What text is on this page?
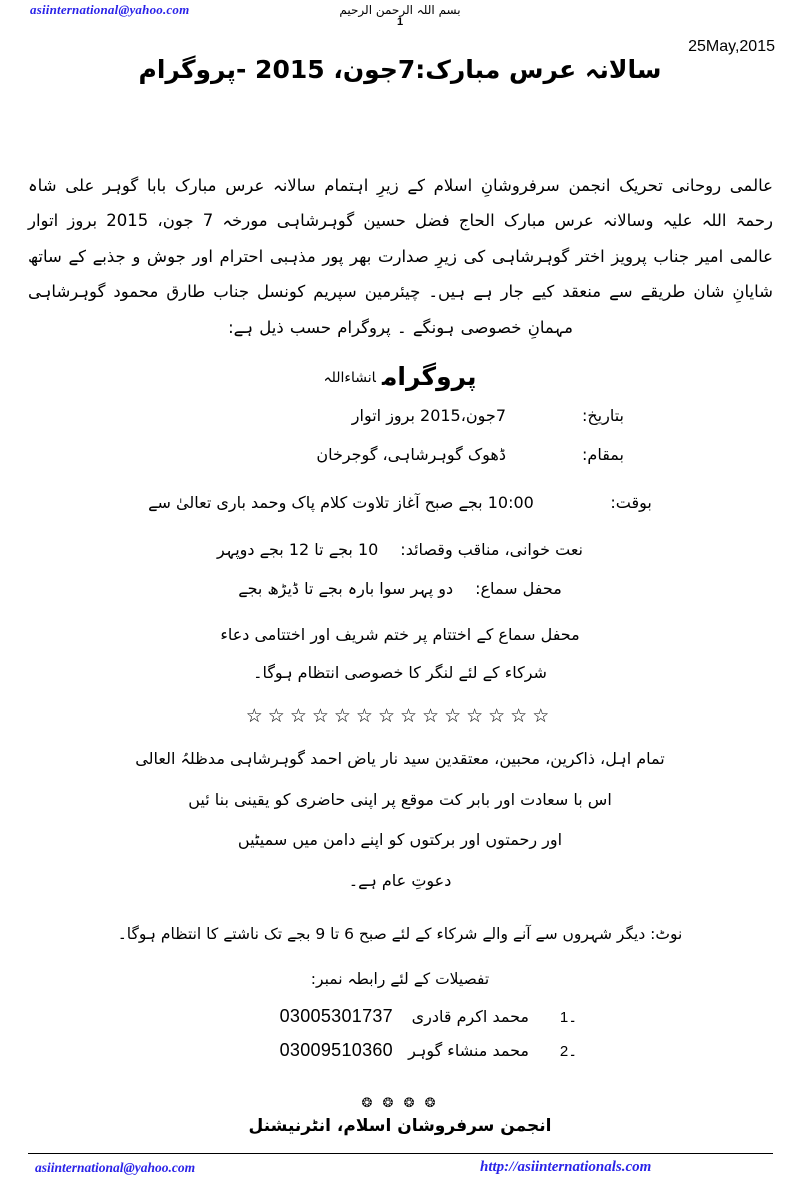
asiinternational@yahoo.com	بسم اللہ الرحمن الرحیم
1
25May,2015
سالانہ عرس مبارک:7جون، 2015 -پروگرام
عالمی روحانی تحریک انجمن سرفروشانِ اسلام کے زیرِ اہتمام سالانہ عرس مبارک بابا گوہر علی شاہ رحمۃ اللہ علیہ وسالانہ عرس مبارک الحاج فضل حسین گوہرشاہی مورخہ 7 جون، 2015 بروز اتوار عالمی امیر جناب پرویز اختر گوہرشاہی کی زیرِ صدارت بھر پور مذہبی احترام اور جوش و جذبے کے ساتھ شایانِ شان طریقے سے منعقد کیے جار ہے ہیں۔ چیئرمین سپریم کونسل جناب طارق محمود گوہرشاہی مہمانِ خصوصی ہونگے ۔ پروگرام حسب ذیل ہے:
پروگرامانشاءاللہ
بتاریخ:
7جون،2015 بروز اتوار
بمقام:
ڈھوک گوہرشاہی، گوجرخان
بوقت:10:00 بجے صبح آغاز تلاوت کلام پاک وحمد باری تعالیٰ سے
نعت خوانی، مناقب وقصائد:10 بجے تا 12 بجے دوپہر
محفل سماع:دو پہر سوا بارہ بجے تا ڈیڑھ بجے
محفل سماع کے اختتام پر ختم شریف اور اختتامی دعاء
شرکاء کے لئے لنگر کا خصوصی انتظام ہوگا۔
☆☆☆☆☆☆☆☆☆☆☆☆☆☆
تمام اہل، ذاکرین، محبین، معتقدین سید نار یاض احمد گوہرشاہی مدظلہُ العالی
اس با سعادت اور بابر کت موقع پر اپنی حاضری کو یقینی بنا ئیں
اور رحمتوں اور برکتوں کو اپنے دامن میں سمیٹیں
دعوتِ عام ہے۔
نوٹ: دیگر شہروں سے آنے والے شرکاء کے لئے صبح 6 تا 9 بجے تک ناشتے کا انتظام ہوگا۔
تفصیلات کے لئے رابطہ نمبر:
1۔
محمد اکرم قادری
03005301737
2۔
محمد منشاء گوہر
03009510360
❂ ❂ ❂ ❂
انجمن سرفروشان اسلام، انٹرنیشنل
asiinternational@yahoo.com	http://asiinternationals.com
